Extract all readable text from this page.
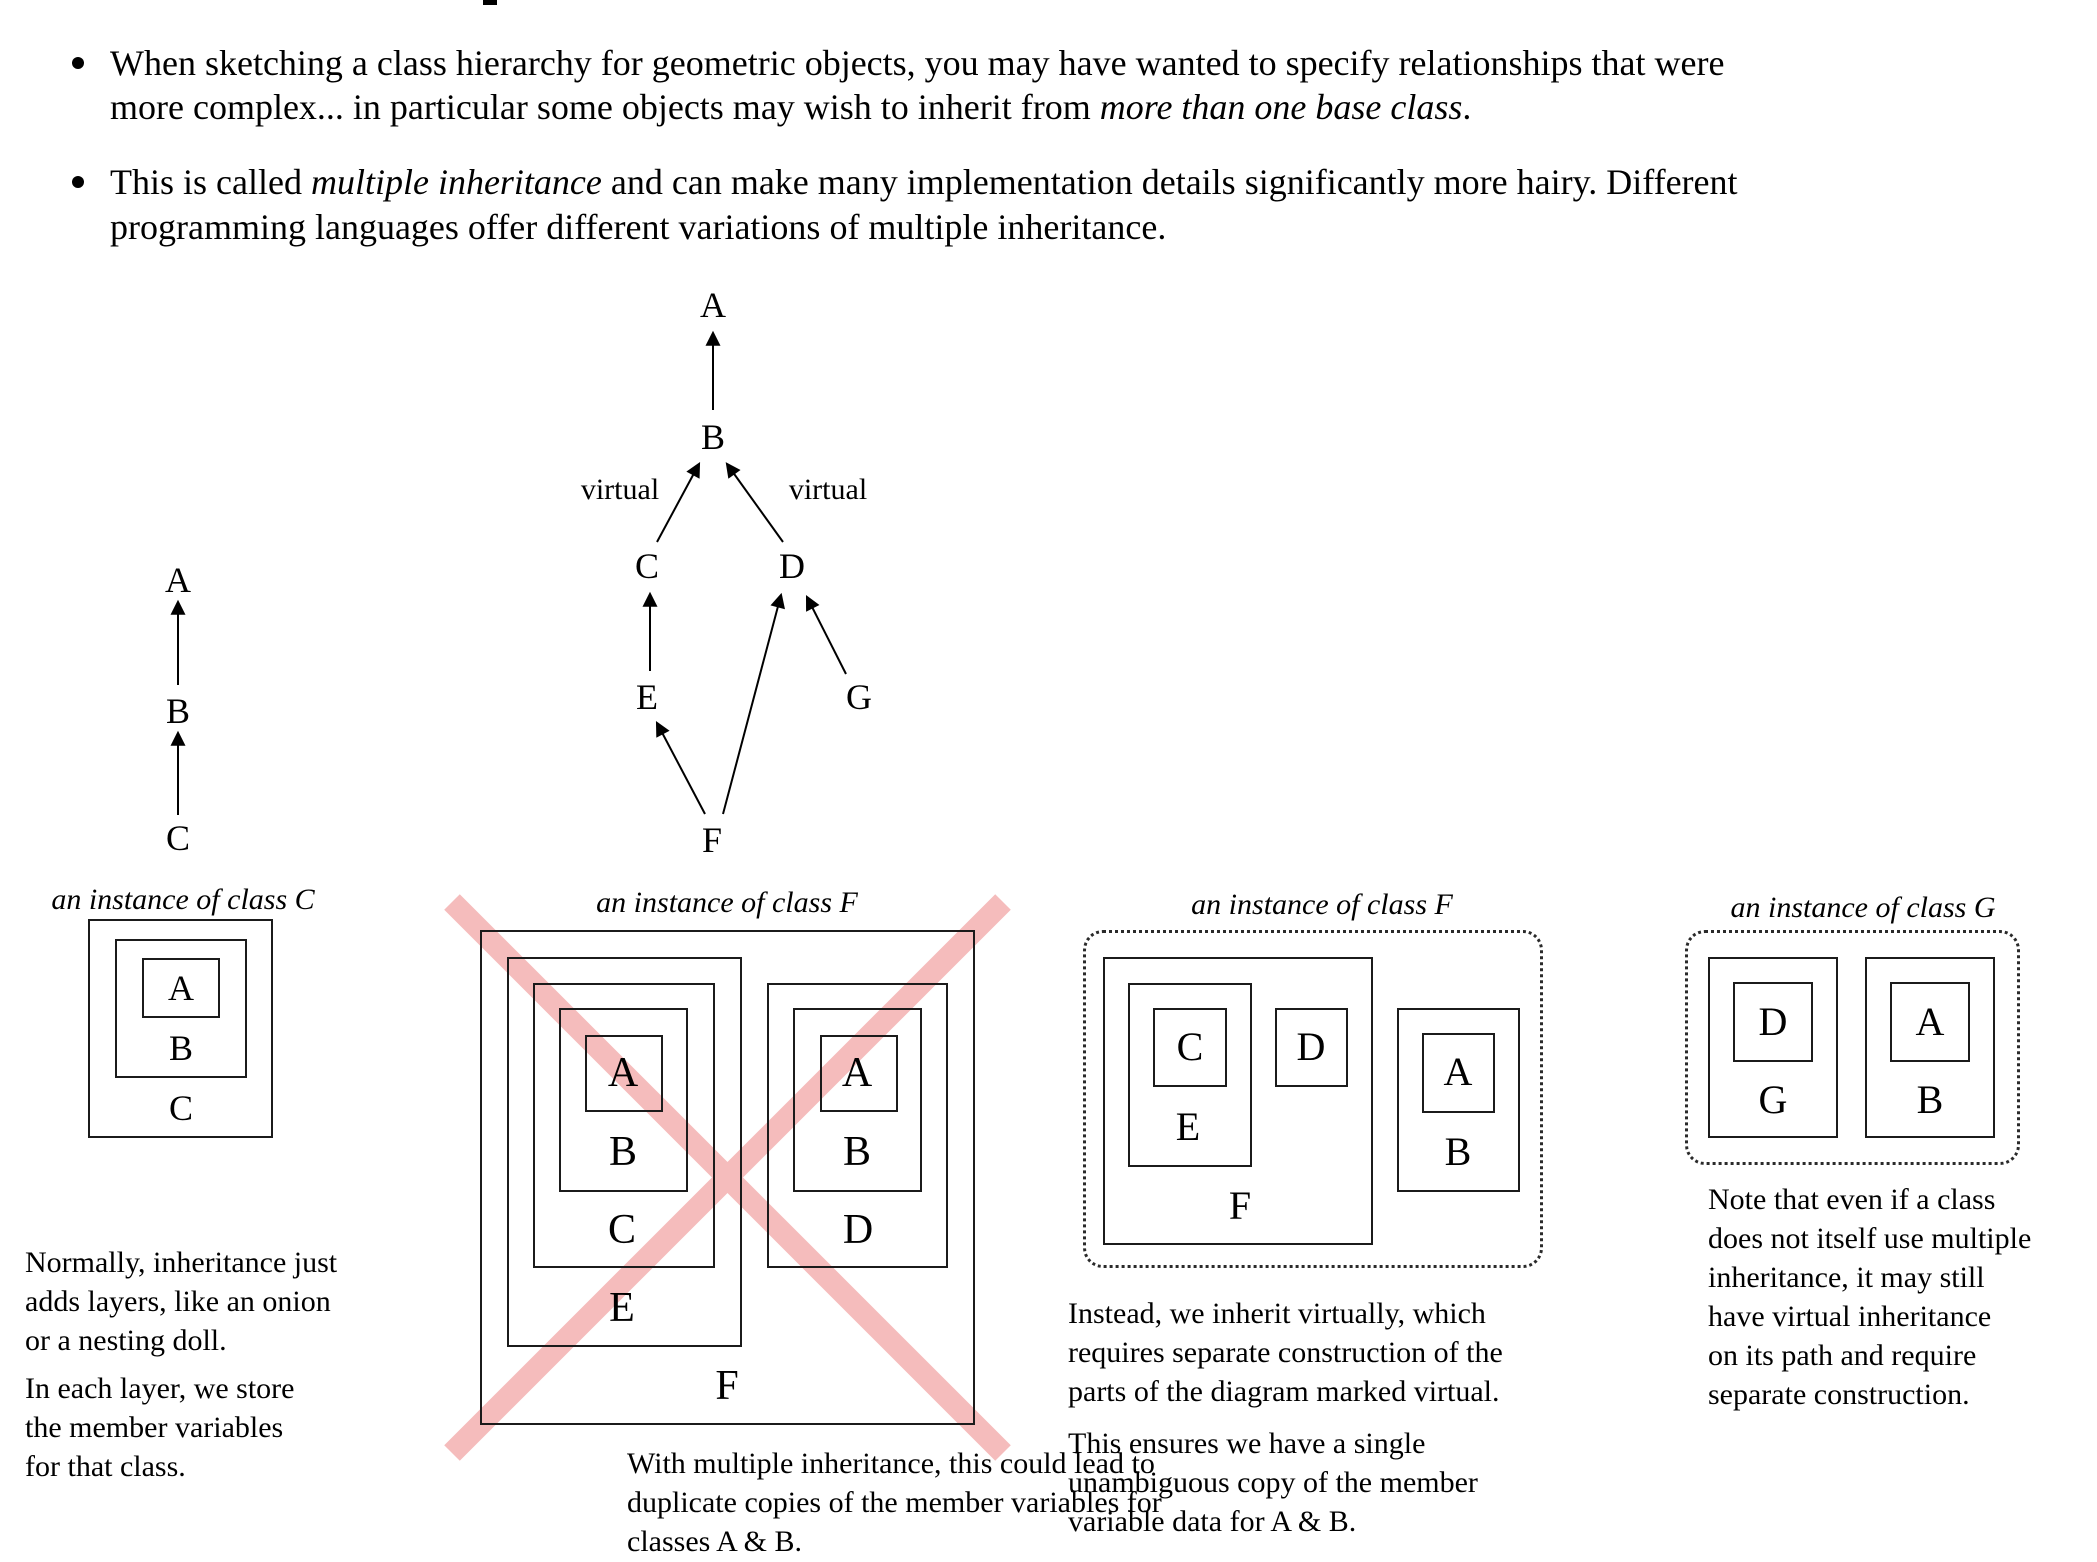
When sketching a class hierarchy for geometric objects, you may have wanted to specify relationships that were
more complex... in particular some objects may wish to inherit from more than one base class.
This is called multiple inheritance and can make many implementation details significantly more hairy. Different
programming languages offer different variations of multiple inheritance.
A
B
C
A
B
C	D
E	G
F
virtual	virtual
an instance of class C
A
B
C
Normally, inheritance just
adds layers, like an onion
or a nesting doll.
In each layer, we store
the member variables
for that class.
an instance of class F
A
B
C
E
A
B
D
F
With multiple inheritance, this could lead to
duplicate copies of the member variables for
classes A & B.
an instance of class F
C D
A
E
B
F
Instead, we inherit virtually, which
requires separate construction of the
parts of the diagram marked virtual.
This ensures we have a single
unambiguous copy of the member
variable data for A & B.
an instance of class G
D	A
G	B
Note that even if a class
does not itself use multiple
inheritance, it may still
have virtual inheritance
on its path and require
separate construction.
